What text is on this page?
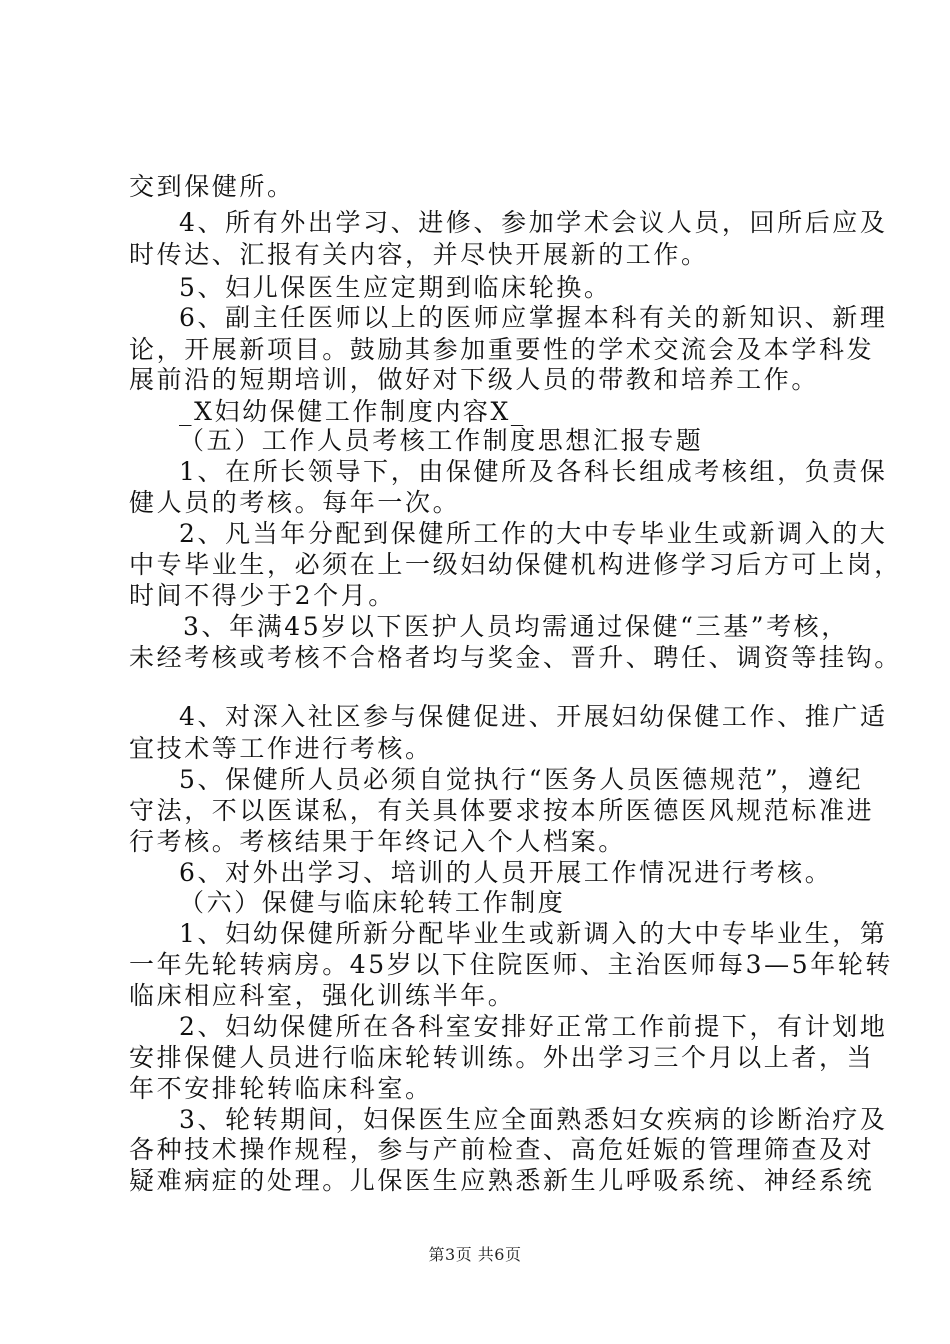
交到保健所。
4、所有外出学习、进修、参加学术会议人员，回所后应及
时传达、汇报有关内容，并尽快开展新的工作。
5、妇儿保医生应定期到临床轮换。
6、副主任医师以上的医师应掌握本科有关的新知识、新理
论，开展新项目。鼓励其参加重要性的学术交流会及本学科发
展前沿的短期培训，做好对下级人员的带教和培养工作。
_X妇幼保健工作制度内容X_
（五）工作人员考核工作制度思想汇报专题
1、在所长领导下，由保健所及各科长组成考核组，负责保
健人员的考核。每年一次。
2、凡当年分配到保健所工作的大中专毕业生或新调入的大
中专毕业生，必须在上一级妇幼保健机构进修学习后方可上岗，
时间不得少于2个月。
3、年满45岁以下医护人员均需通过保健“三基”考核，
未经考核或考核不合格者均与奖金、晋升、聘任、调资等挂钩。
4、对深入社区参与保健促进、开展妇幼保健工作、推广适
宜技术等工作进行考核。
5、保健所人员必须自觉执行“医务人员医德规范”，遵纪
守法，不以医谋私，有关具体要求按本所医德医风规范标准进
行考核。考核结果于年终记入个人档案。
6、对外出学习、培训的人员开展工作情况进行考核。
（六）保健与临床轮转工作制度
1、妇幼保健所新分配毕业生或新调入的大中专毕业生，第
一年先轮转病房。45岁以下住院医师、主治医师每3—5年轮转
临床相应科室，强化训练半年。
2、妇幼保健所在各科室安排好正常工作前提下，有计划地
安排保健人员进行临床轮转训练。外出学习三个月以上者，当
年不安排轮转临床科室。
3、轮转期间，妇保医生应全面熟悉妇女疾病的诊断治疗及
各种技术操作规程，参与产前检查、高危妊娠的管理筛查及对
疑难病症的处理。儿保医生应熟悉新生儿呼吸系统、神经系统
第3页 共6页
